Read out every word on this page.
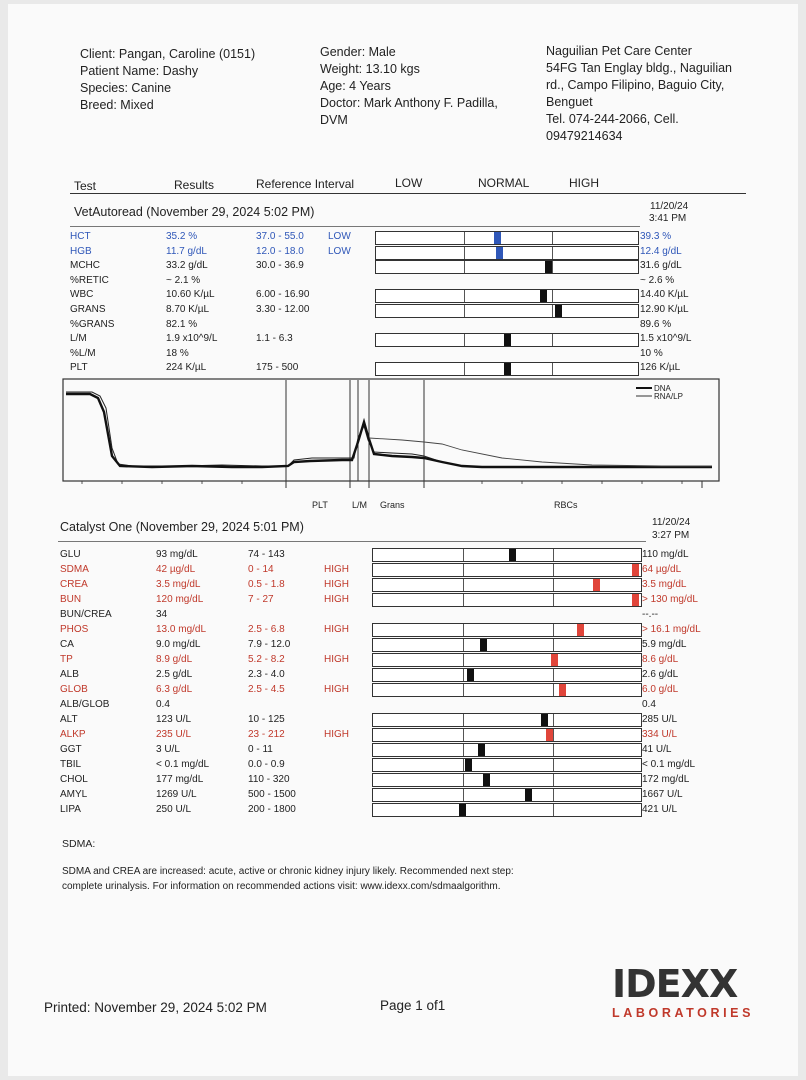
Client: Pangan, Caroline (0151)
Patient Name: Dashy
Species: Canine
Breed: Mixed
Gender: Male
Weight: 13.10 kgs
Age: 4 Years
Doctor: Mark Anthony F. Padilla,
DVM
Naguilian Pet Care Center
54FG Tan Englay bldg., Naguilian
rd., Campo Filipino, Baguio City,
Benguet
Tel. 074-244-2066, Cell.
09479214634
Test	Results	Reference Interval	LOW	NORMAL	HIGH
VetAutoread (November 29, 2024 5:02 PM)	11/20/24
3:41 PM
HCT	35.2 %	37.0 - 55.0 LOW	39.3 %
HGB	11.7 g/dL	12.0 - 18.0 LOW	12.4 g/dL
MCHC	33.2 g/dL	30.0 - 36.9	31.6 g/dL
%RETIC	~ 2.1 %	~ 2.6 %
WBC	10.60 K/µL	6.00 - 16.90	14.40 K/µL
GRANS	8.70 K/µL	3.30 - 12.00	12.90 K/µL
%GRANS	82.1 %	89.6 %
L/M	1.9 x10^9/L	1.1 - 6.3	1.5 x10^9/L
%L/M	18 %	10 %
PLT	224 K/µL	175 - 500	126 K/µL
DNA
RNA/LP
PLT	L/M Grans	RBCs
Catalyst One (November 29, 2024 5:01 PM)	11/20/24
3:27 PM
GLU	93 mg/dL	74 - 143	110 mg/dL
SDMA	42 µg/dL	0 - 14	HIGH	64 µg/dL
CREA	3.5 mg/dL	0.5 - 1.8	HIGH	3.5 mg/dL
BUN	120 mg/dL	7 - 27	HIGH	> 130 mg/dL
BUN/CREA	34	--.--
PHOS	13.0 mg/dL	2.5 - 6.8	HIGH	> 16.1 mg/dL
CA	9.0 mg/dL	7.9 - 12.0	5.9 mg/dL
TP	8.9 g/dL	5.2 - 8.2	HIGH	8.6 g/dL
ALB	2.5 g/dL	2.3 - 4.0	2.6 g/dL
GLOB	6.3 g/dL	2.5 - 4.5	HIGH	6.0 g/dL
ALB/GLOB	0.4	0.4
ALT	123 U/L	10 - 125	285 U/L
ALKP	235 U/L	23 - 212	HIGH	334 U/L
GGT	3 U/L	0 - 11	41 U/L
TBIL	< 0.1 mg/dL	0.0 - 0.9	< 0.1 mg/dL
CHOL	177 mg/dL	110 - 320	172 mg/dL
AMYL	1269 U/L	500 - 1500	1667 U/L
LIPA	250 U/L	200 - 1800	421 U/L
SDMA:
SDMA and CREA are increased: acute, active or chronic kidney injury likely. Recommended next step:
complete urinalysis. For information on recommended actions visit: www.idexx.com/sdmaalgorithm.
Printed: November 29, 2024 5:02 PM	Page 1 of1	IDEXX
LABORATORIES
